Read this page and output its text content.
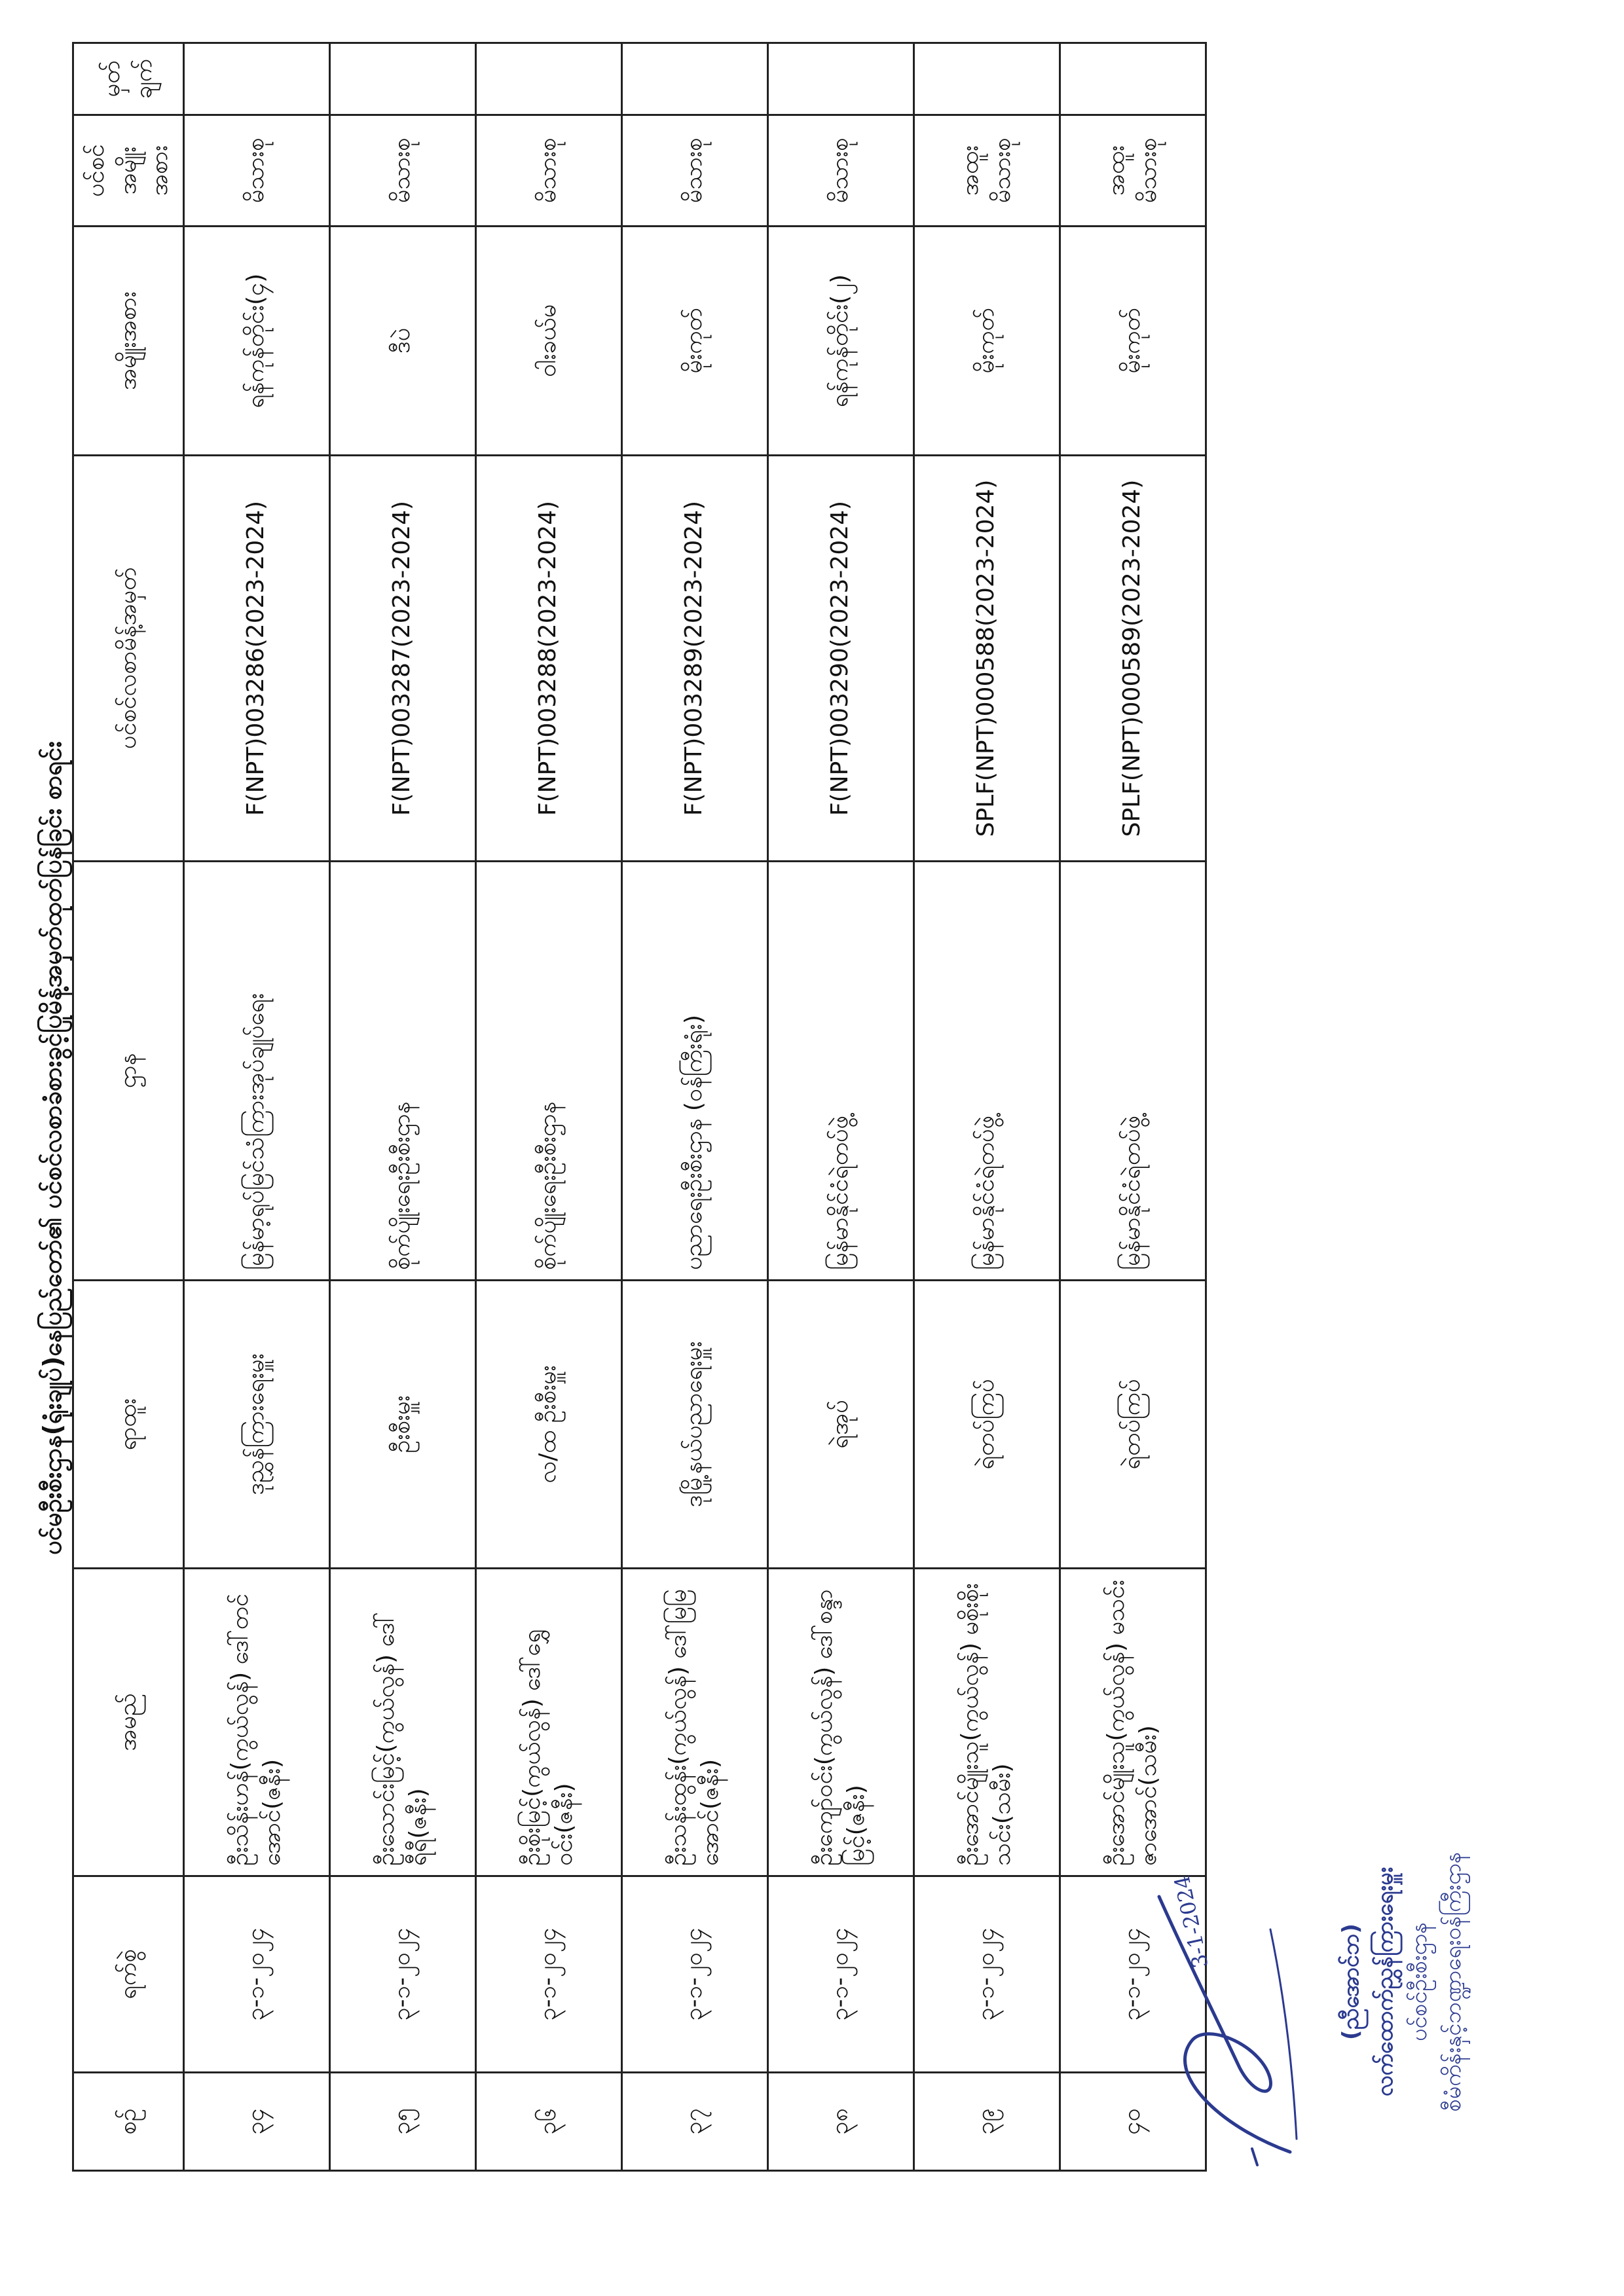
ပင်မဦးစီးဌာန(ရုံးချုပ်)နေပြည်တော်၏ ပင်စင်လစာခံစားခွင့်ပြုမိန့်အမှတ်ထုတ်ပြန်ခြင်း စာရင်း
စဉ်	ရက်စွဲ	အမည်	ရာထူး	ဌာန	ပင်စင်လစာမိန့်အမှတ်	အမျိုးအစား	ပင်စင် အမျိုးအစား	မှတ် ချက်
၃၄	၃-၁-၂၀၂၄	ဦးသိန်းဟန်(ကွယ်လွန်) ဒေါ်တင်အောင်(ဇနီး)	ဒုညွှန်ကြားရေးမှူး	မြန်မာ့ရုပ်မြင်သံကြားအုပ်ချုပ်ရေး	F(NPT)003286(2023-2024)	ရန်ကုန်တိုင်း(၄)	မိသားစု	
၃၅	၃-၁-၂၀၂၄	ဦးသောင်းမြင့်(ကွယ်လွန်) ဒေါ်ရီရီ(ဇနီး)	ဦးစီးမှူး	စိုက်ပျိုးရေးဦးစီးဌာန	F(NPT)003287(2023-2024)	ဒီပဲ	မိသားစု	
၃၆	၃-၁-၂၀၂၄	ဦးစိုးမြင့်(ကွယ်လွန်) ဒေါ်ရွှေဝင်း(ဇနီး)	လ/ထ ဦးစီးမှူး	စိုက်ပျိုးရေးဦးစီးဌာန	F(NPT)003288(2023-2024)	ဝါးခယ်မ	မိသားစု	
၃၇	၃-၁-၂၀၂၄	ဦးသန်းထွန်း(ကွယ်လွန်) ဒေါ်မြမြအောင်(ဇနီး)	ဒုမြို့နယ်ပညာရေးမှူး	ပညာရေးဦးစီးဌာန (ဝန်ကြီးရုံး)	F(NPT)003289(2023-2024)	မိုးကုတ်	မိသားစု	
၃၈	၃-၁-၂၀၂၄	ဦးကျော်ဝင်း(ကွယ်လွန်) ဒေါ်စန္ဒာမြင့်(ဇနီး)	ရဲအုပ်	မြန်မာနိုင်ငံရဲတပ်ဖွဲ့	F(NPT)003290(2023-2024)	ရန်ကုန်တိုင်း(၂)	မိသားစု	
၃၉	၃-၁-၂၀၂၄	ဦးအောင်မျိုးသူ(ကွယ်လွန်) မစိုးစိုးသင်း(သမီး)	ရဲတပ်ကြပ်	မြန်မာနိုင်ငံရဲတပ်ဖွဲ့	SPLF(NPT)000588(2023-2024)	မိုးကုတ်	အထူး မိသားစု	
၄၀	၃-၁-၂၀၂၄	ဦးအောင်မျိုးသူ(ကွယ်လွန်) မသင်းဇာအောင်(သမီး)	ရဲတပ်ကြပ်	မြန်မာနိုင်ငံရဲတပ်ဖွဲ့	SPLF(NPT)000589(2023-2024)	မိုးကုတ်	အထူး မိသားစု	
3-1-2024
(ညီအောင်ဘ) လက်ထောက်ညွှန်ကြားရေးမှူး ပင်စင်ဦးစီးဌာန စီမံကိန်းနှင့်ဘဏ္ဍာရေးဝန်ကြီးဌာန
